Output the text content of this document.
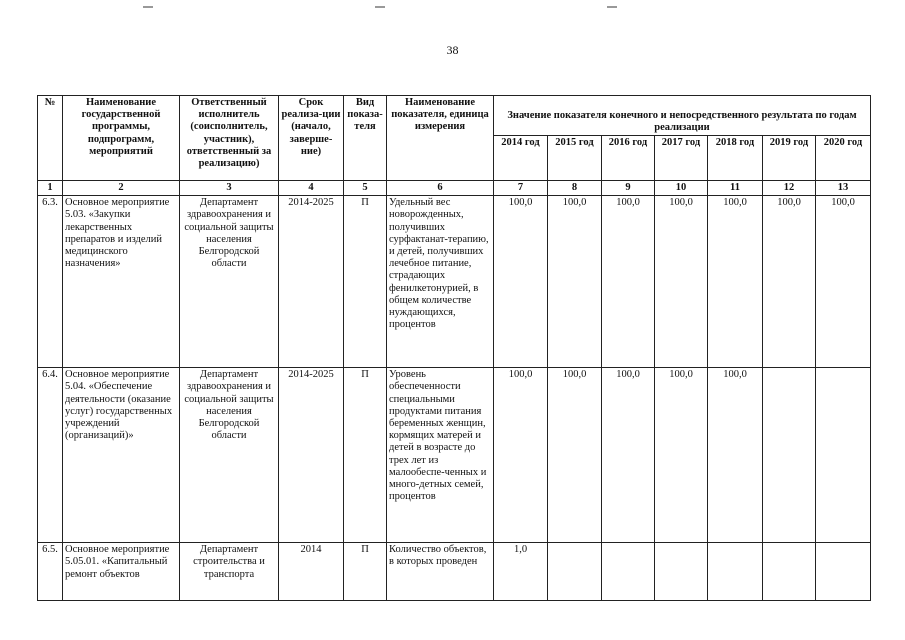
38
№	Наименование государственной программы, подпрограмм, мероприятий	Ответственный исполнитель (соисполнитель, участник), ответственный за реализацию)	Срок реализа-ции (начало, заверше-ние)	Вид показа-теля	Наименование показателя, единица измерения	Значение показателя конечного и непосредственного результата по годам реализации						
						2014 год	2015 год	2016 год	2017 год	2018 год	2019 год	2020 год
1	2	3	4	5	6	7	8	9	10	11	12	13
6.3.	Основное мероприятие 5.03. «Закупки лекарственных препаратов и изделий медицинского назначения»	Департамент здравоохранения и социальной защиты населения Белгородской области	2014-2025	П	Удельный вес новорожденных, получивших сурфактанат-терапию, и детей, получивших лечебное питание, страдающих фенилкетонурией, в общем количестве нуждающихся, процентов	100,0	100,0	100,0	100,0	100,0	100,0	100,0
6.4.	Основное мероприятие 5.04. «Обеспечение деятельности (оказание услуг) государственных учреждений (организаций)»	Департамент здравоохранения и социальной защиты населения Белгородской области	2014-2025	П	Уровень обеспеченности специальными продуктами питания беременных женщин, кормящих матерей и детей в возрасте до трех лет из малообеспе-ченных и много-детных семей, процентов	100,0	100,0	100,0	100,0	100,0		
6.5.	Основное мероприятие 5.05.01. «Капитальный ремонт объектов	Департамент строительства и транспорта	2014	П	Количество объектов, в которых проведен	1,0						
